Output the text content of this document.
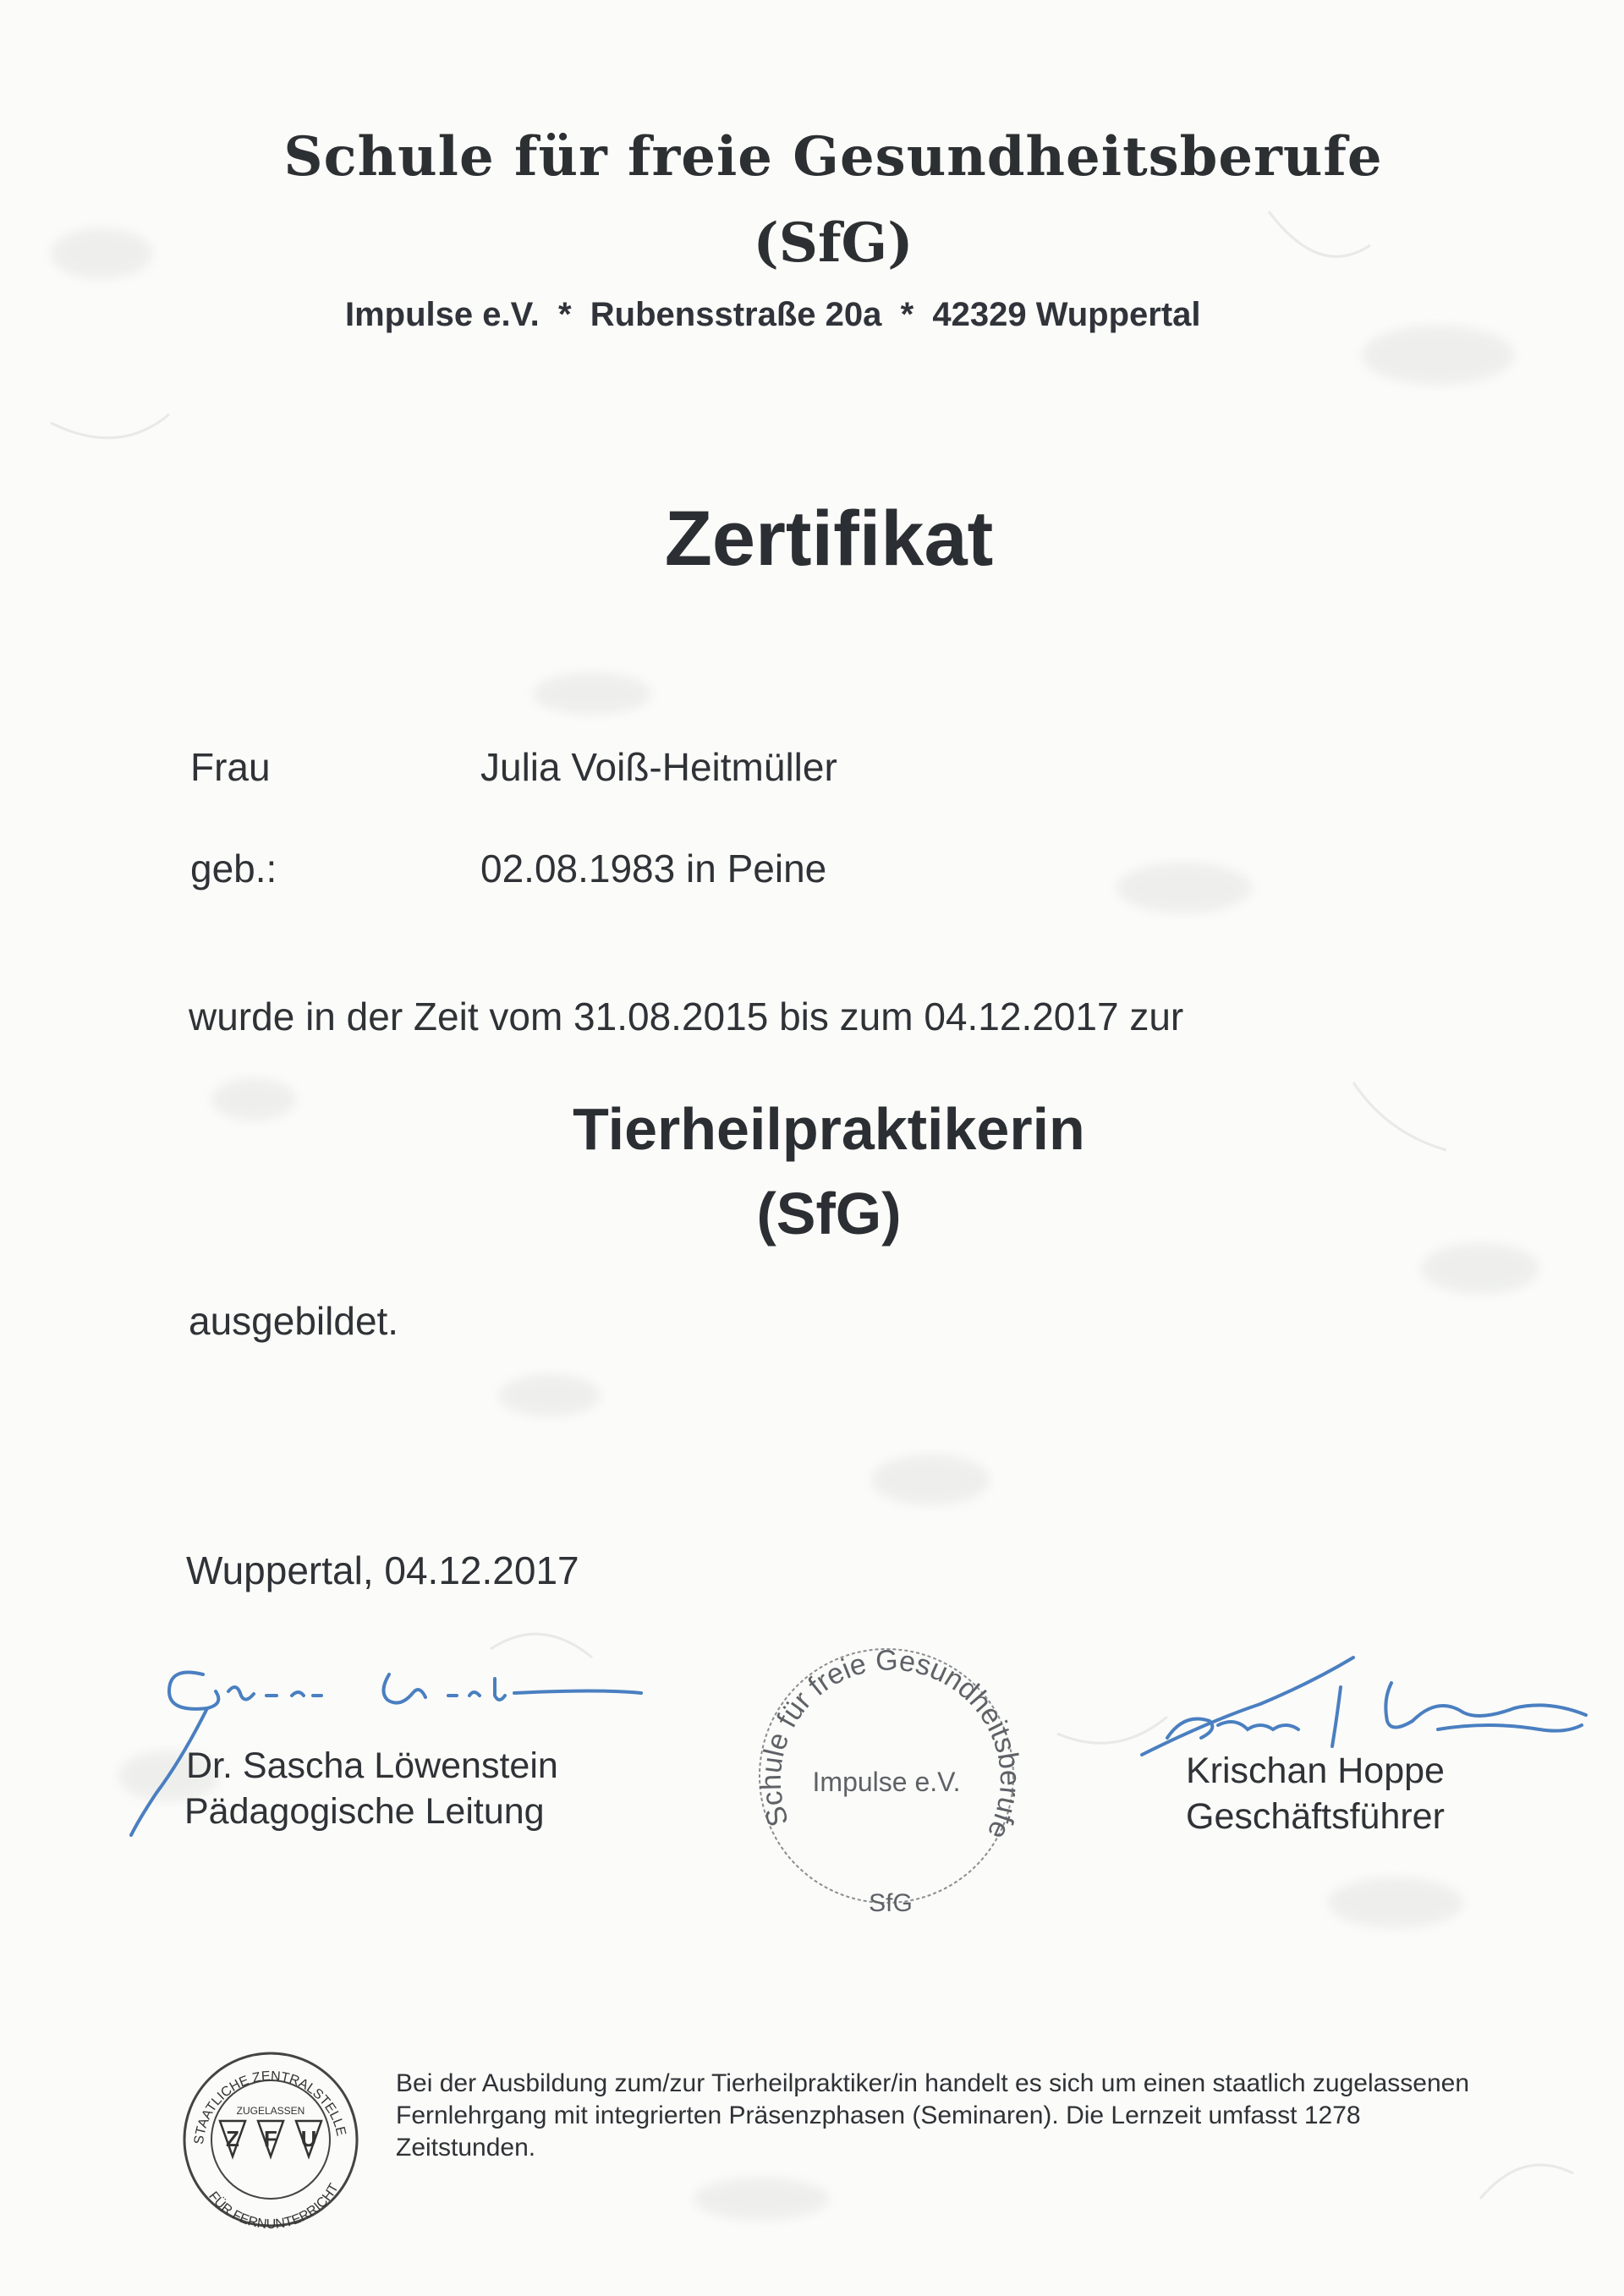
Schule für freie Gesundheitsberufe
(SfG)
Impulse e.V.  *  Rubensstraße 20a  *  42329 Wuppertal
Zertifikat
Frau	Julia Voiß-Heitmüller
geb.:	02.08.1983 in Peine
wurde in der Zeit vom 31.08.2015 bis zum 04.12.2017 zur
Tierheilpraktikerin
(SfG)
ausgebildet.
Wuppertal, 04.12.2017
Dr. Sascha Löwenstein
Pädagogische Leitung	Schule für freie Gesundheitsberufe
Impulse e.V.
SfG
Krischan Hoppe
Geschäftsführer
STAATLICHE ZENTRALSTELLE
FÜR FERNUNTERRICHT
ZUGELASSEN
Z F U
Bei der Ausbildung zum/zur Tierheilpraktiker/in handelt es sich um einen staatlich zugelassenen Fernlehrgang mit integrierten Präsenzphasen (Seminaren). Die Lernzeit umfasst 1278 Zeitstunden.
